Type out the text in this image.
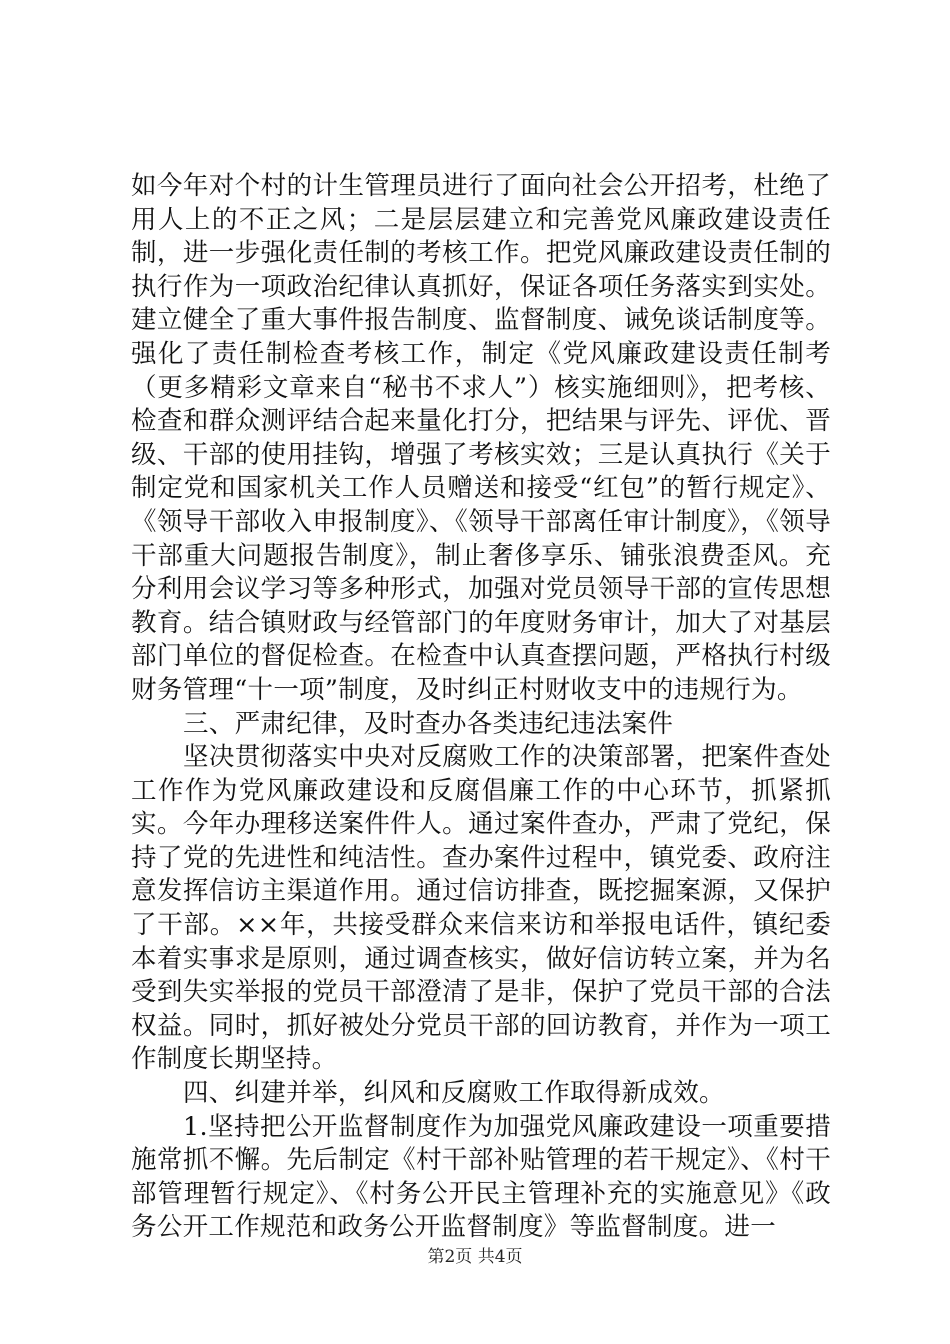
如今年对个村的计生管理员进行了面向社会公开招考，杜绝了用人上的不正之风；二是层层建立和完善党风廉政建设责任制，进一步强化责任制的考核工作。把党风廉政建设责任制的执行作为一项政治纪律认真抓好，保证各项任务落实到实处。建立健全了重大事件报告制度、监督制度、诫免谈话制度等。强化了责任制检查考核工作，制定《党风廉政建设责任制考（更多精彩文章来自“秘书不求人”）核实施细则》，把考核、检查和群众测评结合起来量化打分，把结果与评先、评优、晋级、干部的使用挂钩，增强了考核实效；三是认真执行《关于制定党和国家机关工作人员赠送和接受“红包”的暂行规定》、《领导干部收入申报制度》、《领导干部离任审计制度》，《领导干部重大问题报告制度》，制止奢侈享乐、铺张浪费歪风。充分利用会议学习等多种形式，加强对党员领导干部的宣传思想教育。结合镇财政与经管部门的年度财务审计，加大了对基层部门单位的督促检查。在检查中认真查摆问题，严格执行村级财务管理“十一项”制度，及时纠正村财收支中的违规行为。

三、严肃纪律，及时查办各类违纪违法案件

坚决贯彻落实中央对反腐败工作的决策部署，把案件查处工作作为党风廉政建设和反腐倡廉工作的中心环节，抓紧抓实。今年办理移送案件件人。通过案件查办，严肃了党纪，保持了党的先进性和纯洁性。查办案件过程中，镇党委、政府注意发挥信访主渠道作用。通过信访排查，既挖掘案源，又保护了干部。××年，共接受群众来信来访和举报电话件，镇纪委本着实事求是原则，通过调查核实，做好信访转立案，并为名受到失实举报的党员干部澄清了是非，保护了党员干部的合法权益。同时，抓好被处分党员干部的回访教育，并作为一项工作制度长期坚持。

四、纠建并举，纠风和反腐败工作取得新成效。

1.坚持把公开监督制度作为加强党风廉政建设一项重要措施常抓不懈。先后制定《村干部补贴管理的若干规定》、《村干部管理暂行规定》、《村务公开民主管理补充的实施意见》《政务公开工作规范和政务公开监督制度》等监督制度。进一

第2页 共4页
